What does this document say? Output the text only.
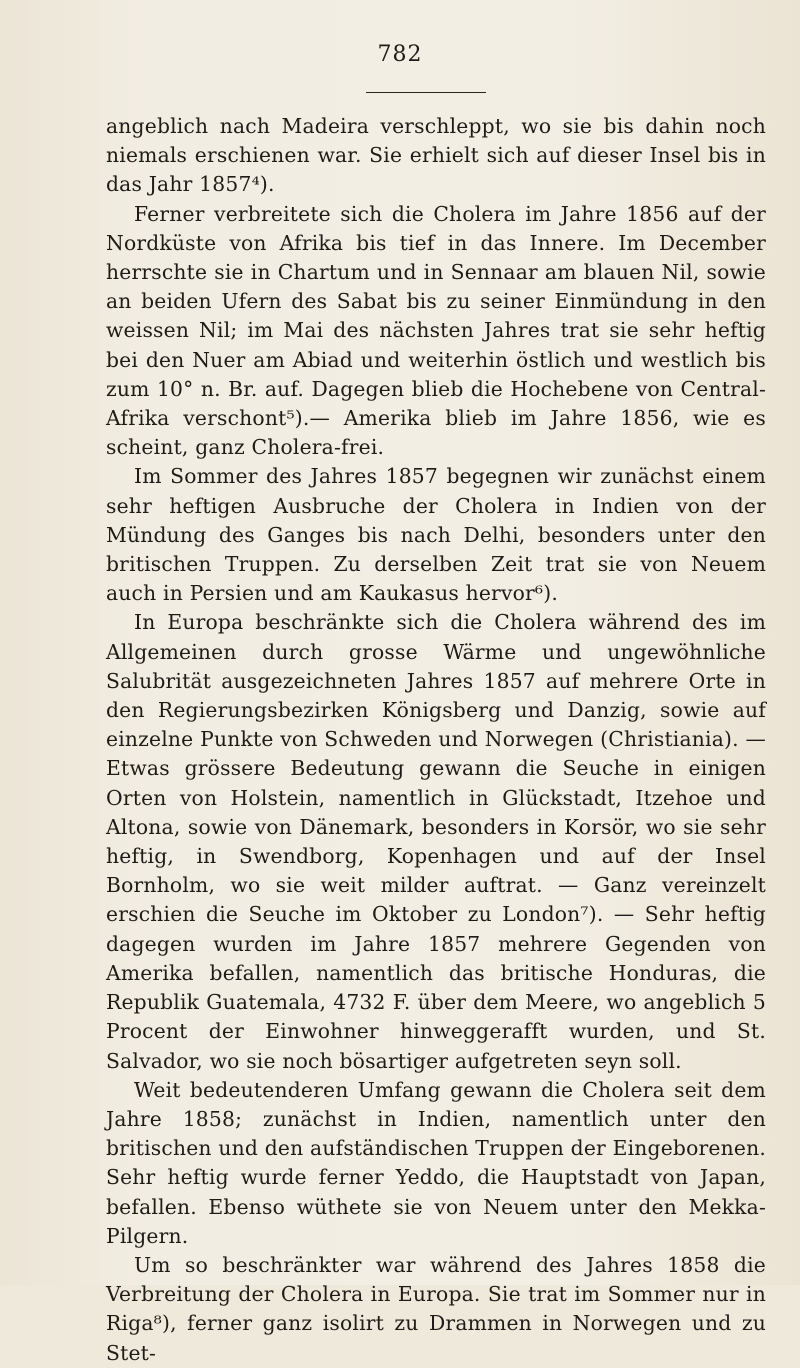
782

angeblich nach Madeira verschleppt, wo sie bis dahin noch niemals erschienen war. Sie erhielt sich auf dieser Insel bis in das Jahr 1857⁴).

Ferner verbreitete sich die Cholera im Jahre 1856 auf der Nordküste von Afrika bis tief in das Innere. Im December herrschte sie in Chartum und in Sennaar am blauen Nil, sowie an beiden Ufern des Sabat bis zu seiner Einmündung in den weissen Nil; im Mai des nächsten Jahres trat sie sehr heftig bei den Nuer am Abiad und weiterhin östlich und westlich bis zum 10° n. Br. auf. Dagegen blieb die Hochebene von Central-Afrika verschont⁵).— Amerika blieb im Jahre 1856, wie es scheint, ganz Cholera-frei.

Im Sommer des Jahres 1857 begegnen wir zunächst einem sehr heftigen Ausbruche der Cholera in Indien von der Mündung des Ganges bis nach Delhi, besonders unter den britischen Truppen. Zu derselben Zeit trat sie von Neuem auch in Persien und am Kaukasus hervor⁶).

In Europa beschränkte sich die Cholera während des im Allgemeinen durch grosse Wärme und ungewöhnliche Salubrität ausgezeichneten Jahres 1857 auf mehrere Orte in den Regierungsbezirken Königsberg und Danzig, sowie auf einzelne Punkte von Schweden und Norwegen (Christiania). — Etwas grössere Bedeutung gewann die Seuche in einigen Orten von Holstein, namentlich in Glückstadt, Itzehoe und Altona, sowie von Dänemark, besonders in Korsör, wo sie sehr heftig, in Swendborg, Kopenhagen und auf der Insel Bornholm, wo sie weit milder auftrat. — Ganz vereinzelt erschien die Seuche im Oktober zu London⁷). — Sehr heftig dagegen wurden im Jahre 1857 mehrere Gegenden von Amerika befallen, namentlich das britische Honduras, die Republik Guatemala, 4732 F. über dem Meere, wo angeblich 5 Procent der Einwohner hinweggerafft wurden, und St. Salvador, wo sie noch bösartiger aufgetreten seyn soll.

Weit bedeutenderen Umfang gewann die Cholera seit dem Jahre 1858; zunächst in Indien, namentlich unter den britischen und den aufständischen Truppen der Eingeborenen. Sehr heftig wurde ferner Yeddo, die Hauptstadt von Japan, befallen. Ebenso wüthete sie von Neuem unter den Mekka-Pilgern.

Um so beschränkter war während des Jahres 1858 die Verbreitung der Cholera in Europa. Sie trat im Sommer nur in Riga⁸), ferner ganz isolirt zu Drammen in Norwegen und zu Stet-
